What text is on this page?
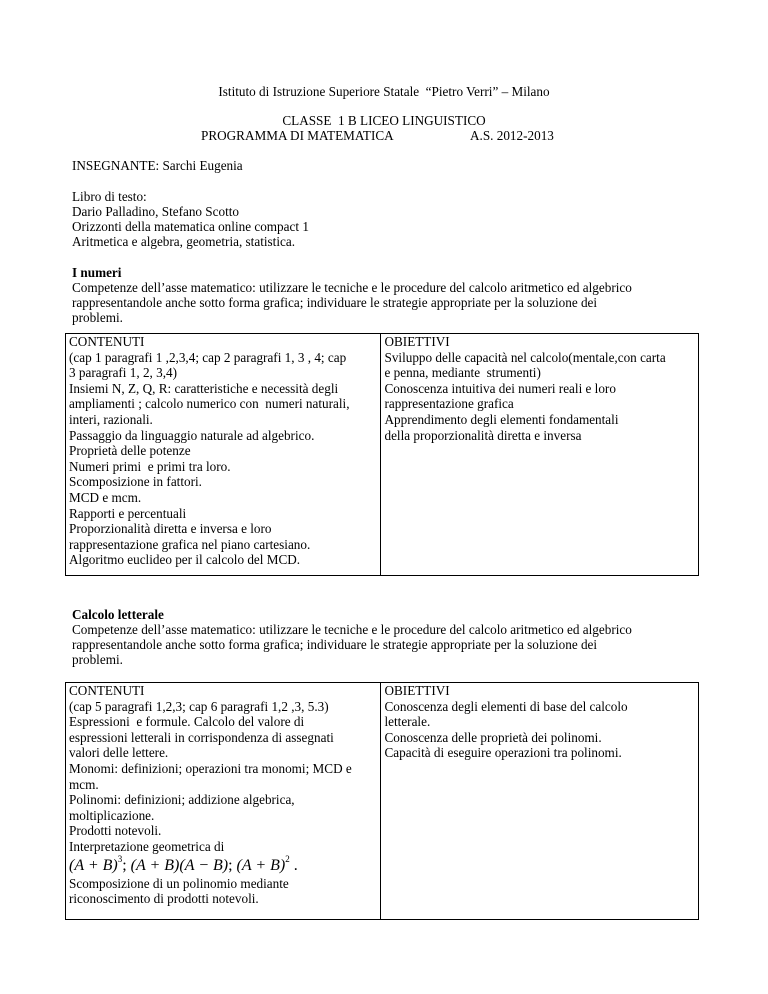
Istituto di Istruzione Superiore Statale  “Pietro Verri” – Milano
CLASSE  1 B LICEO LINGUISTICO
PROGRAMMA DI MATEMATICA	A.S. 2012-2013
INSEGNANTE: Sarchi Eugenia
Libro di testo:
Dario Palladino, Stefano Scotto
Orizzonti della matematica online compact 1
Aritmetica e algebra, geometria, statistica.
I numeri
Competenze dell’asse matematico: utilizzare le tecniche e le procedure del calcolo aritmetico ed algebrico
rappresentandole anche sotto forma grafica; individuare le strategie appropriate per la soluzione dei
problemi.
CONTENUTI
(cap 1 paragrafi 1 ,2,3,4; cap 2 paragrafi 1, 3 , 4; cap
3 paragrafi 1, 2, 3,4)
Insiemi N, Z, Q, R: caratteristiche e necessità degli
ampliamenti ; calcolo numerico con  numeri naturali,
interi, razionali.
Passaggio da linguaggio naturale ad algebrico.
Proprietà delle potenze
Numeri primi  e primi tra loro.
Scomposizione in fattori.
MCD e mcm.
Rapporti e percentuali
Proporzionalità diretta e inversa e loro
rappresentazione grafica nel piano cartesiano.
Algoritmo euclideo per il calcolo del MCD.

OBIETTIVI
Sviluppo delle capacità nel calcolo(mentale,con carta
e penna, mediante  strumenti)
Conoscenza intuitiva dei numeri reali e loro
rappresentazione grafica
Apprendimento degli elementi fondamentali
della proporzionalità diretta e inversa
Calcolo letterale
Competenze dell’asse matematico: utilizzare le tecniche e le procedure del calcolo aritmetico ed algebrico
rappresentandole anche sotto forma grafica; individuare le strategie appropriate per la soluzione dei
problemi.
CONTENUTI
(cap 5 paragrafi 1,2,3; cap 6 paragrafi 1,2 ,3, 5.3)
Espressioni  e formule. Calcolo del valore di
espressioni letterali in corrispondenza di assegnati
valori delle lettere.
Monomi: definizioni; operazioni tra monomi; MCD e
mcm.
Polinomi: definizioni; addizione algebrica,
moltiplicazione.
Prodotti notevoli.
Interpretazione geometrica di
$(A + B)^3$; (A + B)(A − B); $(A + B)^2$ .
Scomposizione di un polinomio mediante
riconoscimento di prodotti notevoli.

OBIETTIVI
Conoscenza degli elementi di base del calcolo
letterale.
Conoscenza delle proprietà dei polinomi.
Capacità di eseguire operazioni tra polinomi.
